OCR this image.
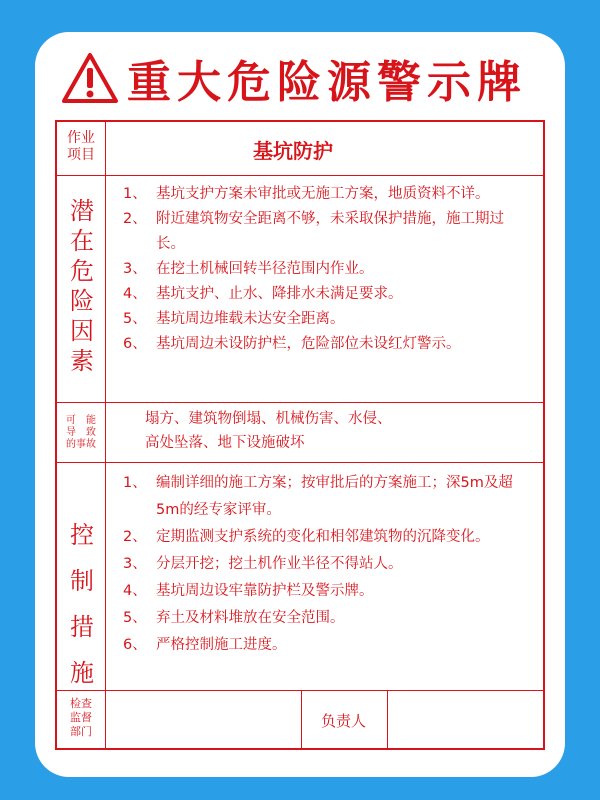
重大危险源警示牌
作业
项目	基坑防护
潜
在
危
险
因
素
1、 基坑支护方案未审批或无施工方案，地质资料不详。
2、 附近建筑物安全距离不够，未采取保护措施，施工期过长。
3、 在挖土机械回转半径范围内作业。
4、 基坑支护、止水、降排水未满足要求。
5、 基坑周边堆载未达安全距离。
6、 基坑周边未设防护栏，危险部位未设红灯警示。
可　能
导　致
的事故
塌方、建筑物倒塌、机械伤害、水侵、
高处坠落、地下设施破坏
控
制
措
施
1、 编制详细的施工方案；按审批后的方案施工；深5m及超5m的经专家评审。
2、 定期监测支护系统的变化和相邻建筑物的沉降变化。
3、 分层开挖；挖土机作业半径不得站人。
4、 基坑周边设牢靠防护栏及警示牌。
5、 弃土及材料堆放在安全范围。
6、 严格控制施工进度。
检查
监督
部门
负责人
